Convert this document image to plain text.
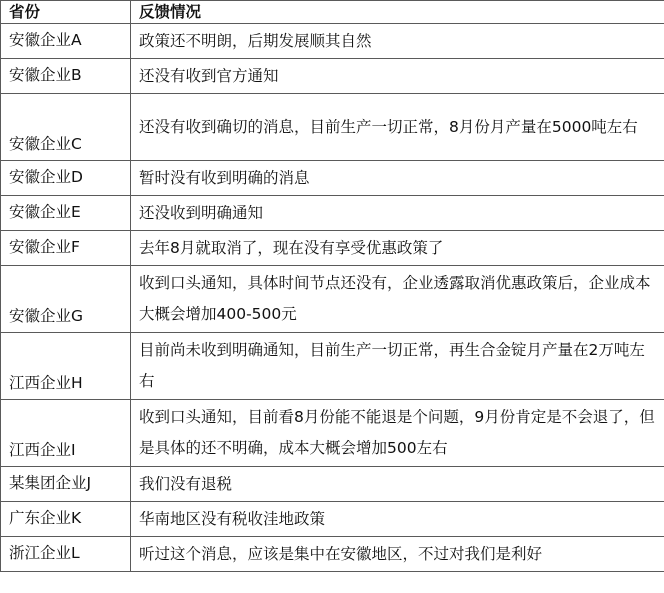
省份	反馈情况
安徽企业A	政策还不明朗，后期发展顺其自然
安徽企业B	还没有收到官方通知
安徽企业C	还没有收到确切的消息，目前生产一切正常，8月份月产量在5000吨左右
安徽企业D	暂时没有收到明确的消息
安徽企业E	还没收到明确通知
安徽企业F	去年8月就取消了，现在没有享受优惠政策了
安徽企业G	收到口头通知，具体时间节点还没有，企业透露取消优惠政策后，企业成本大概会增加400-500元
江西企业H	目前尚未收到明确通知，目前生产一切正常，再生合金锭月产量在2万吨左右
江西企业I	收到口头通知，目前看8月份能不能退是个问题，9月份肯定是不会退了，但是具体的还不明确，成本大概会增加500左右
某集团企业J	我们没有退税
广东企业K	华南地区没有税收洼地政策
浙江企业L	听过这个消息，应该是集中在安徽地区，不过对我们是利好
